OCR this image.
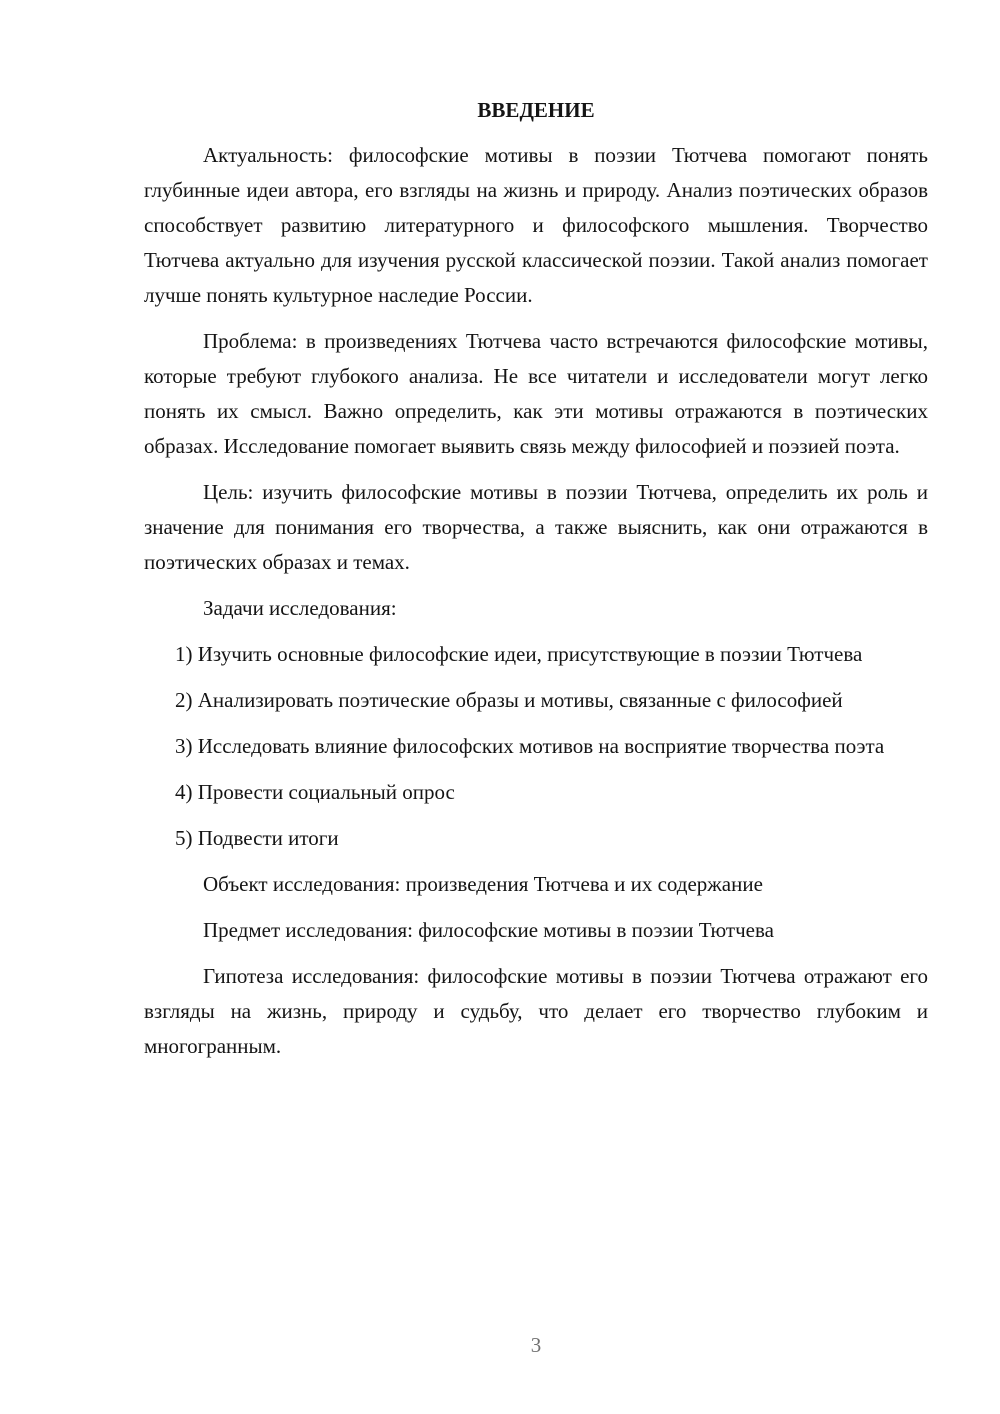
ВВЕДЕНИЕ

Актуальность: философские мотивы в поэзии Тютчева помогают понять глубинные идеи автора, его взгляды на жизнь и природу. Анализ поэтических образов способствует развитию литературного и философского мышления. Творчество Тютчева актуально для изучения русской классической поэзии. Такой анализ помогает лучше понять культурное наследие России.

Проблема: в произведениях Тютчева часто встречаются философские мотивы, которые требуют глубокого анализа. Не все читатели и исследователи могут легко понять их смысл. Важно определить, как эти мотивы отражаются в поэтических образах. Исследование помогает выявить связь между философией и поэзией поэта.

Цель: изучить философские мотивы в поэзии Тютчева, определить их роль и значение для понимания его творчества, а также выяснить, как они отражаются в поэтических образах и темах.

Задачи исследования:

1) Изучить основные философские идеи, присутствующие в поэзии Тютчева

2) Анализировать поэтические образы и мотивы, связанные с философией

3) Исследовать влияние философских мотивов на восприятие творчества поэта

4) Провести социальный опрос

5) Подвести итоги

Объект исследования: произведения Тютчева и их содержание

Предмет исследования: философские мотивы в поэзии Тютчева

Гипотеза исследования: философские мотивы в поэзии Тютчева отражают его взгляды на жизнь, природу и судьбу, что делает его творчество глубоким и многогранным.

3
